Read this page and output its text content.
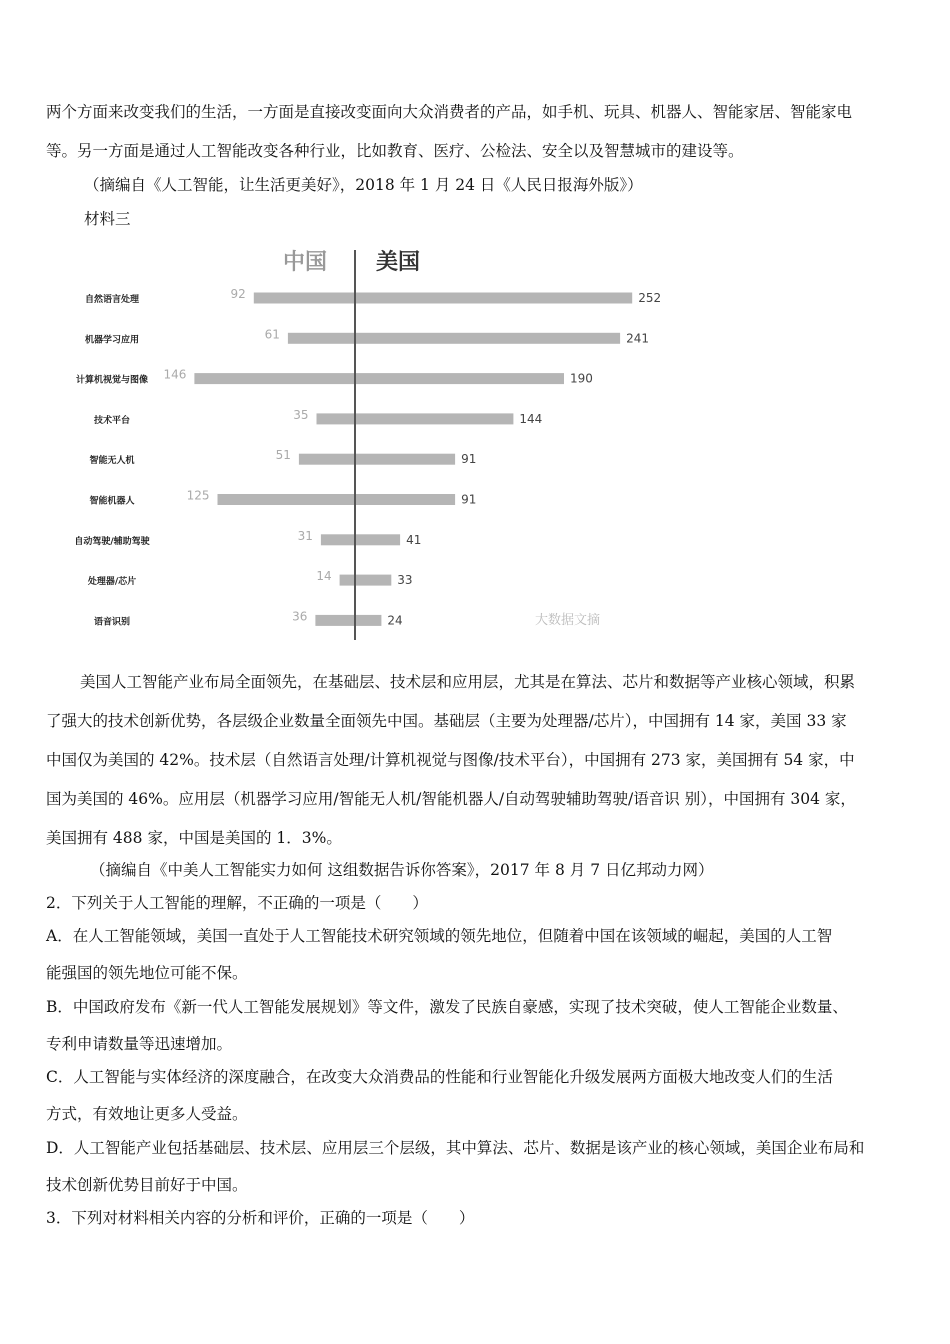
两个方面来改变我们的生活，一方面是直接改变面向大众消费者的产品，如手机、玩具、机器人、智能家居、智能家电
等。另一方面是通过人工智能改变各种行业，比如教育、医疗、公检法、安全以及智慧城市的建设等。
（摘编自《人工智能，让生活更美好》，2018 年 1 月 24 日《人民日报海外版》）
材料三
中国 美国
自然语言处理	92	252
机器学习应用	61	241
计算机视觉与图像 146	190
技术平台	35	144
智能无人机	51	91
智能机器人	125	91
自动驾驶/辅助驾驶	31	41
处理器/芯片	14	33
语音识别	36	24	大数据文摘
美国人工智能产业布局全面领先，在基础层、技术层和应用层，尤其是在算法、芯片和数据等产业核心领域，积累
了强大的技术创新优势，各层级企业数量全面领先中国。基础层（主要为处理器/芯片），中国拥有 14 家，美国 33 家
中国仅为美国的 42%。技术层（自然语言处理/计算机视觉与图像/技术平台），中国拥有 273 家，美国拥有 54 家，中
国为美国的 46%。应用层（机器学习应用/智能无人机/智能机器人/自动驾驶辅助驾驶/语音识 别），中国拥有 304 家，
美国拥有 488 家，中国是美国的 1．3%。
（摘编自《中美人工智能实力如何 这组数据告诉你答案》，2017 年 8 月 7 日亿邦动力网）
2．下列关于人工智能的理解，不正确的一项是（　　）
A．在人工智能领域，美国一直处于人工智能技术研究领域的领先地位，但随着中国在该领域的崛起，美国的人工智
能强国的领先地位可能不保。
B．中国政府发布《新一代人工智能发展规划》等文件，激发了民族自豪感，实现了技术突破，使人工智能企业数量、
专利申请数量等迅速增加。
C．人工智能与实体经济的深度融合，在改变大众消费品的性能和行业智能化升级发展两方面极大地改变人们的生活
方式，有效地让更多人受益。
D．人工智能产业包括基础层、技术层、应用层三个层级，其中算法、芯片、数据是该产业的核心领域，美国企业布局和
技术创新优势目前好于中国。
3．下列对材料相关内容的分析和评价，正确的一项是（　　）
